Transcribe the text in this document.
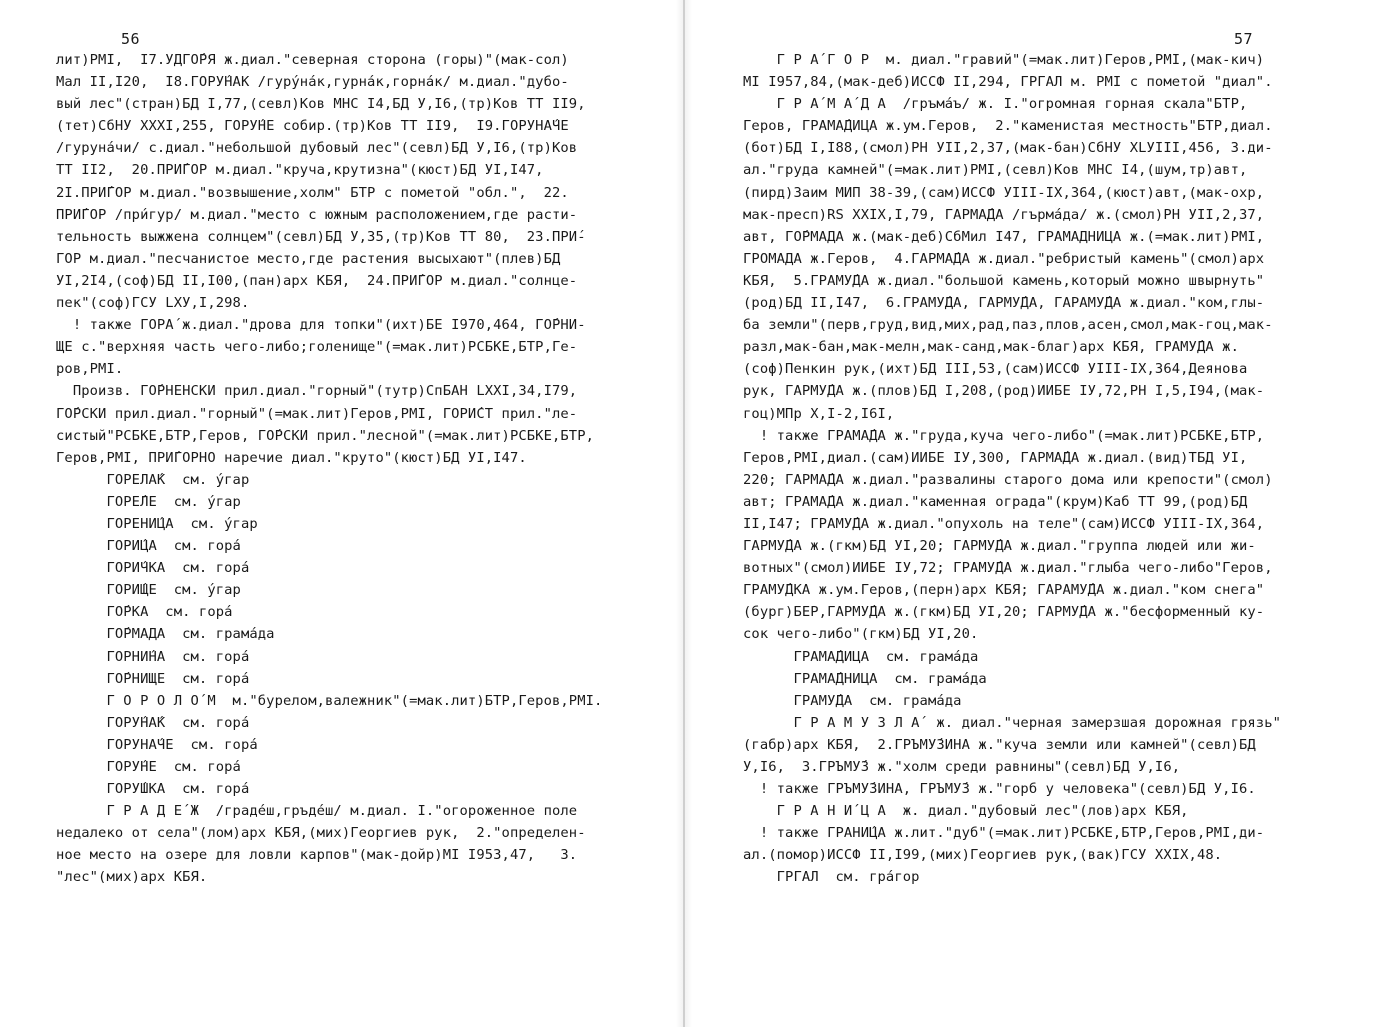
56
лит)PMI,  I7.УДГО́РЯ ж.диал."северная сторона (горы)"(мак-сол)
Мал II,I20,  I8.ГОРУ́НАК /гуру́на́к,гурна́к,горна́к/ м.диал."дубо-
вый лес"(стран)БД I,77,(севл)Ков МНС I4,БД У,I6,(тр)Ков ТТ II9,
(тет)СбНУ XXXI,255, ГОРУ́НЕ собир.(тр)Ков ТТ II9,  I9.ГОРУНА́ЧЕ
/гуруна́чи/ с.диал."небольшой дубовый лес"(севл)БД У,I6,(тр)Ков
ТТ II2,  20.ПРИ́ГОР м.диал."круча,крутизна"(кюст)БД УI,I47,
2I.ПРИ́ГОР м.диал."возвышение,холм" БТР с пометой "обл.",  22.
ПРИ́ГОР /при́гур/ м.диал."место с южным расположением,где расти-
тельность выжжена солнцем"(севл)БД У,35,(тр)Ков ТТ 80,  23.ПРИ́-
ГОР м.диал."песчанистое место,где растения высыхают"(плев)БД
УI,2I4,(соф)БД II,I00,(пан)арх КБЯ,  24.ПРИ́ГОР м.диал."солнце-
пек"(соф)ГСУ LXУ,I,298.
! также ГОРА́ ж.диал."дрова для топки"(ихт)БЕ I970,464, ГО́РНИ-
ЩЕ с."верхняя часть чего-либо;голенище"(=мак.лит)РСБКЕ,БТР,Ге-
ров,РМI.
Произв. ГО́РНЕНСКИ прил.диал."горный"(тутр)СпБАН LXXI,34,I79,
ГО́РСКИ прил.диал."горный"(=мак.лит)Геров,РМI, ГОРИ́СТ прил."ле-
систый"РСБКЕ,БТР,Геров, ГО́РСКИ прил."лесной"(=мак.лит)РСБКЕ,БТР,
Геров,РМI, ПРИ́ГОРНО наречие диал."круто"(кюст)БД УI,I47.
ГОРЕЛА́К  см. у́гар
ГОРЕ́ЛЕ  см. у́гар
ГОРЕНИ́ЦА  см. у́гар
ГОРИ́ЦА  см. гора́
ГОРИ́ЧКА  см. гора́
ГОРИ́ЩЕ  см. у́гар
ГО́РКА  см. гора́
ГО́РМАДА  см. грама́да
ГОРНИ́НА  см. гора́
ГО́РНИЩЕ  см. гора́
Г О Р О Л О́ М  м."бурелом,валежник"(=мак.лит)БТР,Геров,РМI.
ГОРУ́НА́К  см. гора́
ГОРУНА́ЧЕ  см. гора́
ГОРУ́НЕ  см. гора́
ГОРУ́ШКА  см. гора́
Г Р А Д Е́ Ж  /граде́ш,гръде́ш/ м.диал. I."огороженное поле
недалеко от села"(лом)арх КБЯ,(мих)Георгиев рук,  2."определен-
ное место на озере для ловли карпов"(мак-дойр)МI I953,47,   3.
"лес"(мих)арх КБЯ.
57
Г Р А́ Г О Р  м. диал."гравий"(=мак.лит)Геров,РМI,(мак-кич)
МI I957,84,(мак-деб)ИССФ II,294, ГРГАЛ м. РМI с пометой "диал".
Г Р А́ М А́ Д А  /гръма́ъ/ ж. I."огромная горная скала"БТР,
Геров, ГРАМА́ДИЦА ж.ум.Геров,  2."каменистая местность"БТР,диал.
(бот)БД I,I88,(смол)РН УII,2,37,(мак-бан)СбНУ XLУIII,456, 3.ди-
ал."груда камней"(=мак.лит)РМI,(севл)Ков МНС I4,(шум,тр)авт,
(пирд)Заим МИП 38-39,(сам)ИССФ УIII-IX,364,(кюст)авт,(мак-охр,
мак-пресп)RS XXIX,I,79, ГАРМА́ДА /гърма́да/ ж.(смол)РН УII,2,37,
авт, ГО́РМАДА ж.(мак-деб)СбМил I47, ГРАМАДНИЦА ж.(=мак.лит)РМI,
ГРОМАДА ж.Геров,  4.ГАРМА́ДА ж.диал."ребристый камень"(смол)арх
КБЯ,  5.ГРАМУ́ДА ж.диал."большой камень,который можно швырнуть"
(род)БД II,I47,  6.ГРАМУ́ДА, ГАРМУ́ДА, ГАРАМУ́ДА ж.диал."ком,глы-
ба земли"(перв,груд,вид,мих,рад,паз,плов,асен,смол,мак-гоц,мак-
разл,мак-бан,мак-мелн,мак-санд,мак-благ)арх КБЯ, ГРАМУ́ДА ж.
(соф)Пенкин рук,(ихт)БД III,53,(сам)ИССФ УIII-IX,364,Деянова
рук, ГАРМУ́ДА ж.(плов)БД I,208,(род)ИИБЕ IУ,72,РН I,5,I94,(мак-
гоц)МПр X,I-2,I6I,
! также ГРАМА́ДА ж."груда,куча чего-либо"(=мак.лит)РСБКЕ,БТР,
Геров,РМI,диал.(сам)ИИБЕ IУ,300, ГАРМА́ДА ж.диал.(вид)ТБД УI,
220; ГАРМА́ДА ж.диал."развалины старого дома или крепости"(смол)
авт; ГРАМА́ДА ж.диал."каменная ограда"(крум)Каб ТТ 99,(род)БД
II,I47; ГРАМУ́ДА ж.диал."опухоль на теле"(сам)ИССФ УIII-IX,364,
ГАРМУ́ДА ж.(гкм)БД УI,20; ГАРМУ́ДА ж.диал."группа людей или жи-
вотных"(смол)ИИБЕ IУ,72; ГРАМУ́ДА ж.диал."глыба чего-либо"Геров,
ГРАМУ́ДКА ж.ум.Геров,(перн)арх КБЯ; ГАРАМУ́ДА ж.диал."ком снега"
(бург)БЕР,ГАРМУ́ДА ж.(гкм)БД УI,20; ГАРМУ́ДА ж."бесформенный ку-
сок чего-либо"(гкм)БД УI,20.
ГРАМА́ДИЦА  см. грама́да
ГРАМА́ДНИЦА  см. грама́да
ГРАМУ́ДА  см. грама́да
Г Р А М У З Л А́  ж. диал."черная замерзшая дорожная грязь"
(габр)арх КБЯ,  2.ГРЪМУ́ЗИНА ж."куча земли или камней"(севл)БД
У,I6,  3.ГРЪМУ́З ж."холм среди равнины"(севл)БД У,I6,
! также ГРЪМУ́ЗИНА, ГРЪМУ́З ж."горб у человека"(севл)БД У,I6.
Г Р А Н И́ Ц А  ж. диал."дубовый лес"(лов)арх КБЯ,
! также ГРАНИ́ЦА ж.лит."дуб"(=мак.лит)РСБКЕ,БТР,Геров,РМI,ди-
ал.(помор)ИССФ II,I99,(мих)Георгиев рук,(вак)ГСУ XXIX,48.
ГРГАЛ  см. гра́гор
